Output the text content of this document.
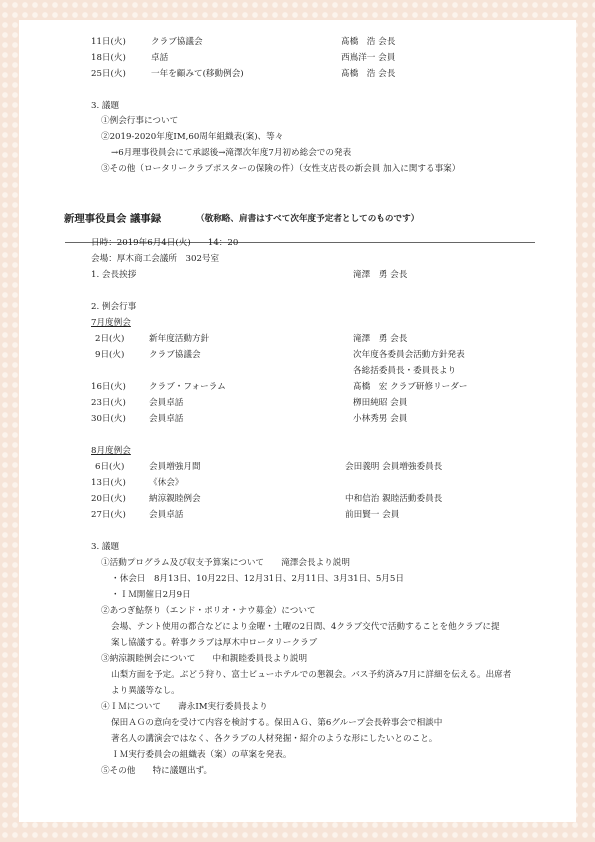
11日(火)	クラブ協議会	髙橋　浩 会長
18日(火)	卓話	西嶌洋一 会員
25日(火)	一年を顧みて(移動例会)	髙橋　浩 会長
3. 議題
①例会行事について
②2019-2020年度IM,60周年組織表(案)、等々
→6月理事役員会にて承認後→滝澤次年度7月初め総会での発表
③その他（ロータリークラブポスターの保険の件）（女性支店長の新会員 加入に関する事案）
新理事役員会 議事録	（敬称略、肩書はすべて次年度予定者としてのものです）
日時：2019年6月4日(火)　　14：20
会場：厚木商工会議所　302号室
1. 会長挨拶	滝澤　勇 会長
2. 例会行事
7月度例会
2日(火)	新年度活動方針	滝澤　勇 会長
9日(火)	クラブ協議会	次年度各委員会活動方針発表
各総括委員長・委員長より
16日(火)	クラブ・フォーラム	髙橋　宏 クラブ研修リーダー
23日(火)	会員卓話	栁田純昭 会員
30日(火)	会員卓話	小林秀男 会員
8月度例会
6日(火)	会員増強月間	会田義明 会員増強委員長
13日(火)	《休会》
20日(火)	納涼親睦例会	中和信治 親睦活動委員長
27日(火)	会員卓話	前田賢一 会員
3. 議題
①活動プログラム及び収支予算案について　　滝澤会長より説明
・休会日　8月13日、10月22日、12月31日、2月11日、3月31日、5月5日
・ＩＭ開催日2月9日
②あつぎ鮎祭り（エンド・ポリオ・ナウ募金）について
会場、テント使用の都合などにより金曜・土曜の2日間、4クラブ交代で活動することを他クラブに提
案し協議する。幹事クラブは厚木中ロータリークラブ
③納涼親睦例会について　　中和親睦委員長より説明
山梨方面を予定。ぶどう狩り、富士ビューホテルでの懇親会。バス予約済み7月に詳細を伝える。出席者
より異議等なし。
④ＩＭについて　　壽永IM実行委員長より
保田ＡＧの意向を受けて内容を検討する。保田ＡＧ、第6グループ会長幹事会で相談中
著名人の講演会ではなく、各クラブの人材発掘・紹介のような形にしたいとのこと。
ＩＭ実行委員会の組織表（案）の草案を発表。
⑤その他　　特に議題出ず。
